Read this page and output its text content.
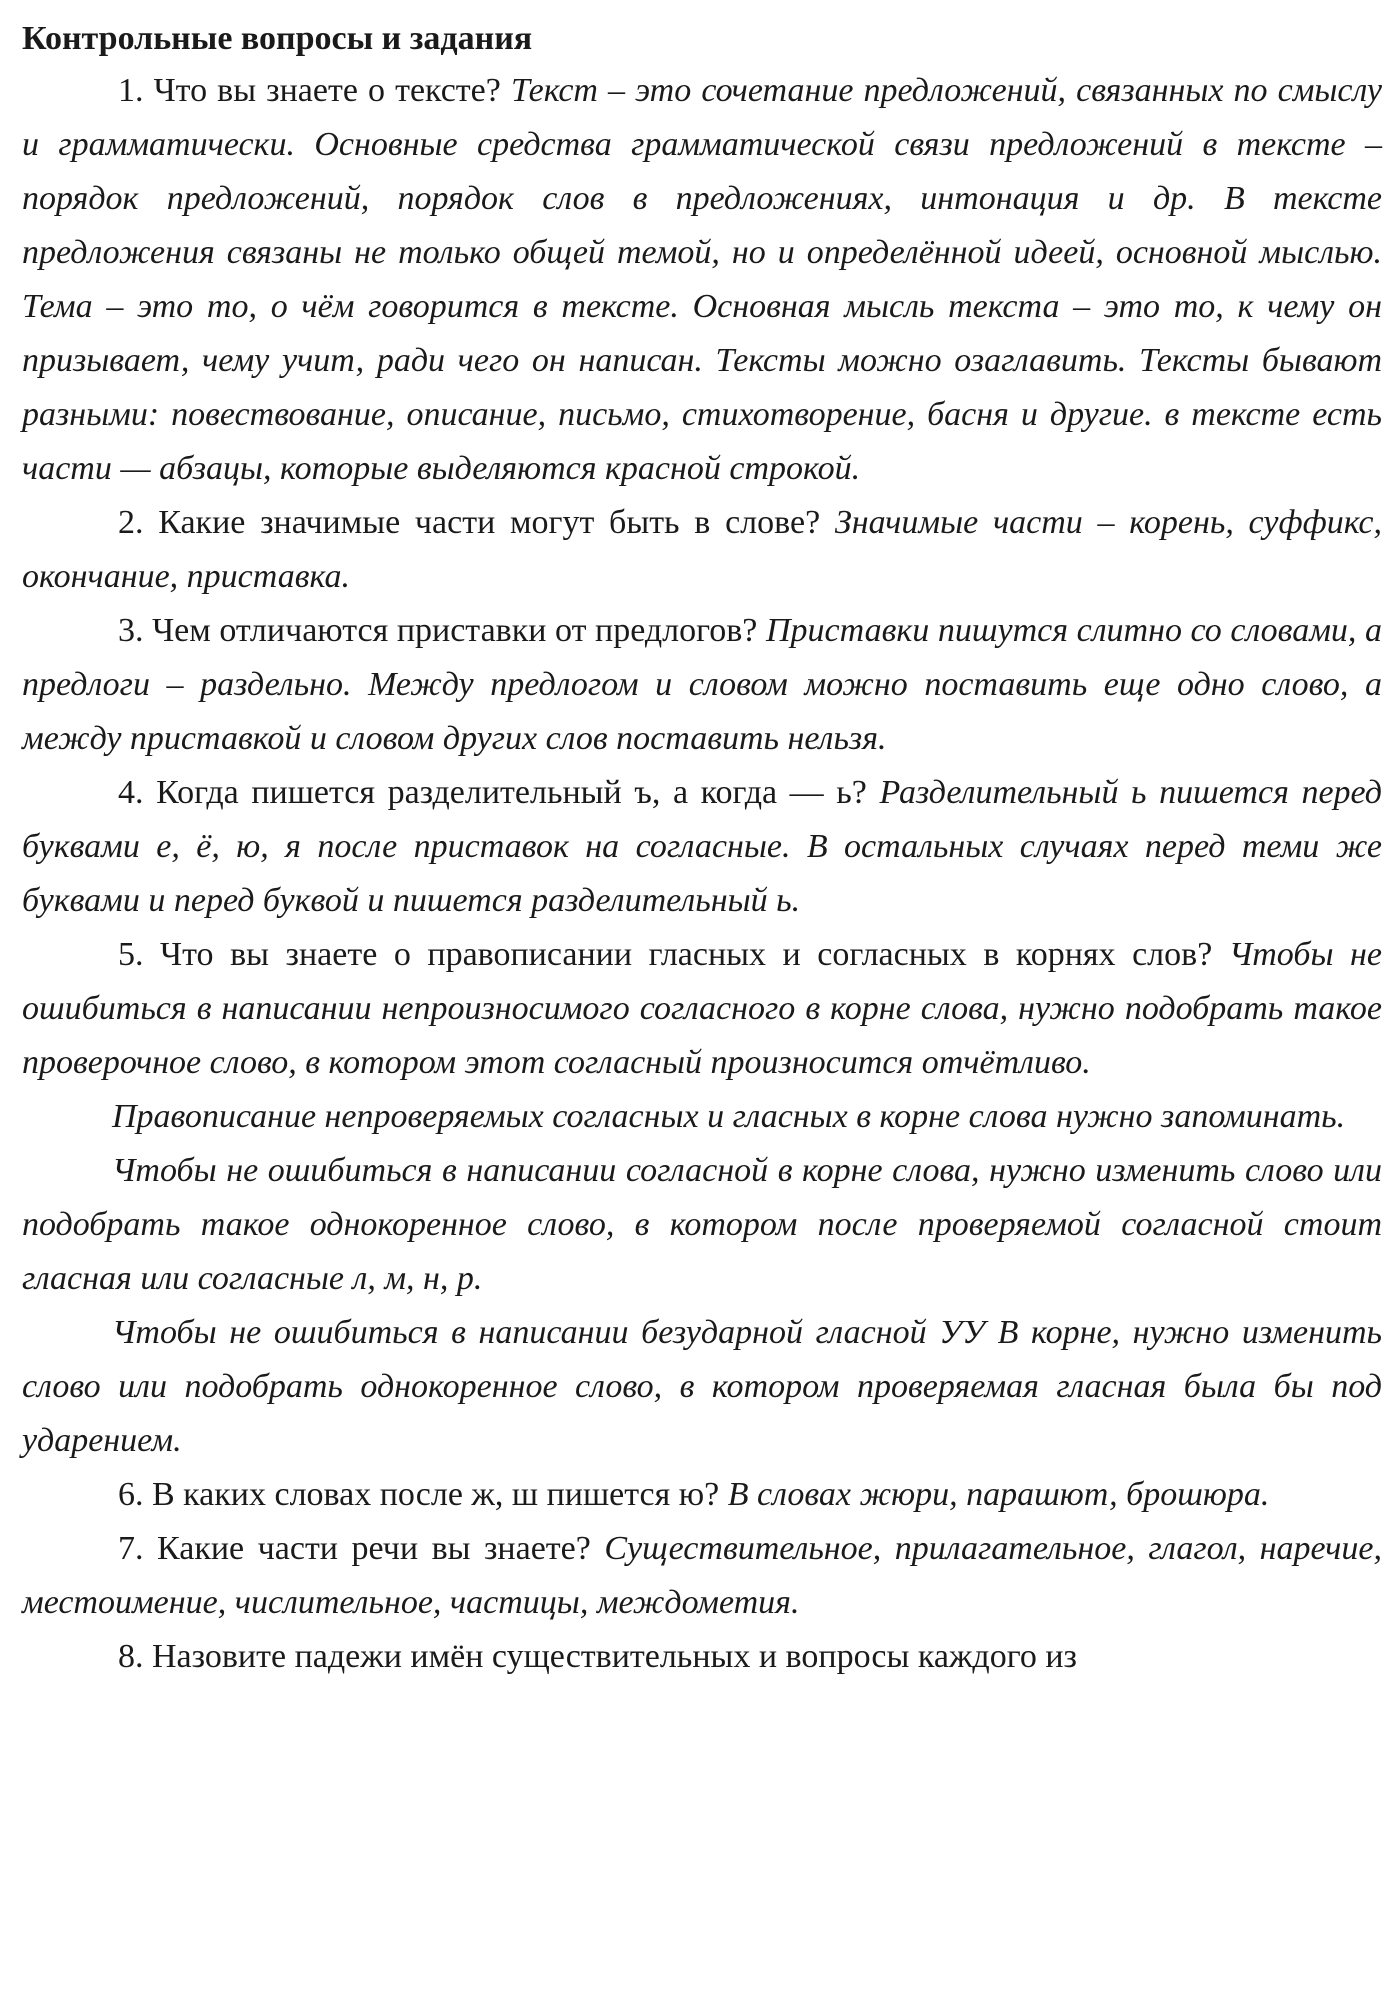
Контрольные вопросы и задания

1. Что вы знаете о тексте? Текст – это сочетание предложений, связанных по смыслу и грамматически. Основные средства грамматической связи предложений в тексте – порядок предложений, порядок слов в предложениях, интонация и др. В тексте предложения связаны не только общей темой, но и определённой идеей, основной мыслью. Тема – это то, о чём говорится в тексте. Основная мысль текста – это то, к чему он призывает, чему учит, ради чего он написан. Тексты можно озаглавить. Тексты бывают разными: повествование, описание, письмо, стихотворение, басня и другие. в тексте есть части — абзацы, которые выделяются красной строкой.

2. Какие значимые части могут быть в слове? Значимые части – корень, суффикс, окончание, приставка.

3. Чем отличаются приставки от предлогов? Приставки пишутся слитно со словами, а предлоги – раздельно. Между предлогом и словом можно поставить еще одно слово, а между приставкой и словом других слов поставить нельзя.

4. Когда пишется разделительный ъ, а когда — ь? Разделительный ь пишется перед буквами е, ё, ю, я после приставок на согласные. В остальных случаях перед теми же буквами и перед буквой и пишется разделительный ь.

5. Что вы знаете о правописании гласных и согласных в корнях слов? Чтобы не ошибиться в написании непроизносимого согласного в корне слова, нужно подобрать такое проверочное слово, в котором этот согласный произносится отчётливо.

Правописание непроверяемых согласных и гласных в корне слова нужно запоминать.

Чтобы не ошибиться в написании согласной в корне слова, нужно изменить слово или подобрать такое однокоренное слово, в котором после проверяемой согласной стоит гласная или согласные л, м, н, р.

Чтобы не ошибиться в написании безударной гласной УУ В корне, нужно изменить слово или подобрать однокоренное слово, в котором проверяемая гласная была бы под ударением.

6. В каких словах после ж, ш пишется ю? В словах жюри, парашют, брошюра.

7. Какие части речи вы знаете? Существительное, прилагательное, глагол, наречие, местоимение, числительное, частицы, междометия.

8. Назовите падежи имён существительных и вопросы каждого из
